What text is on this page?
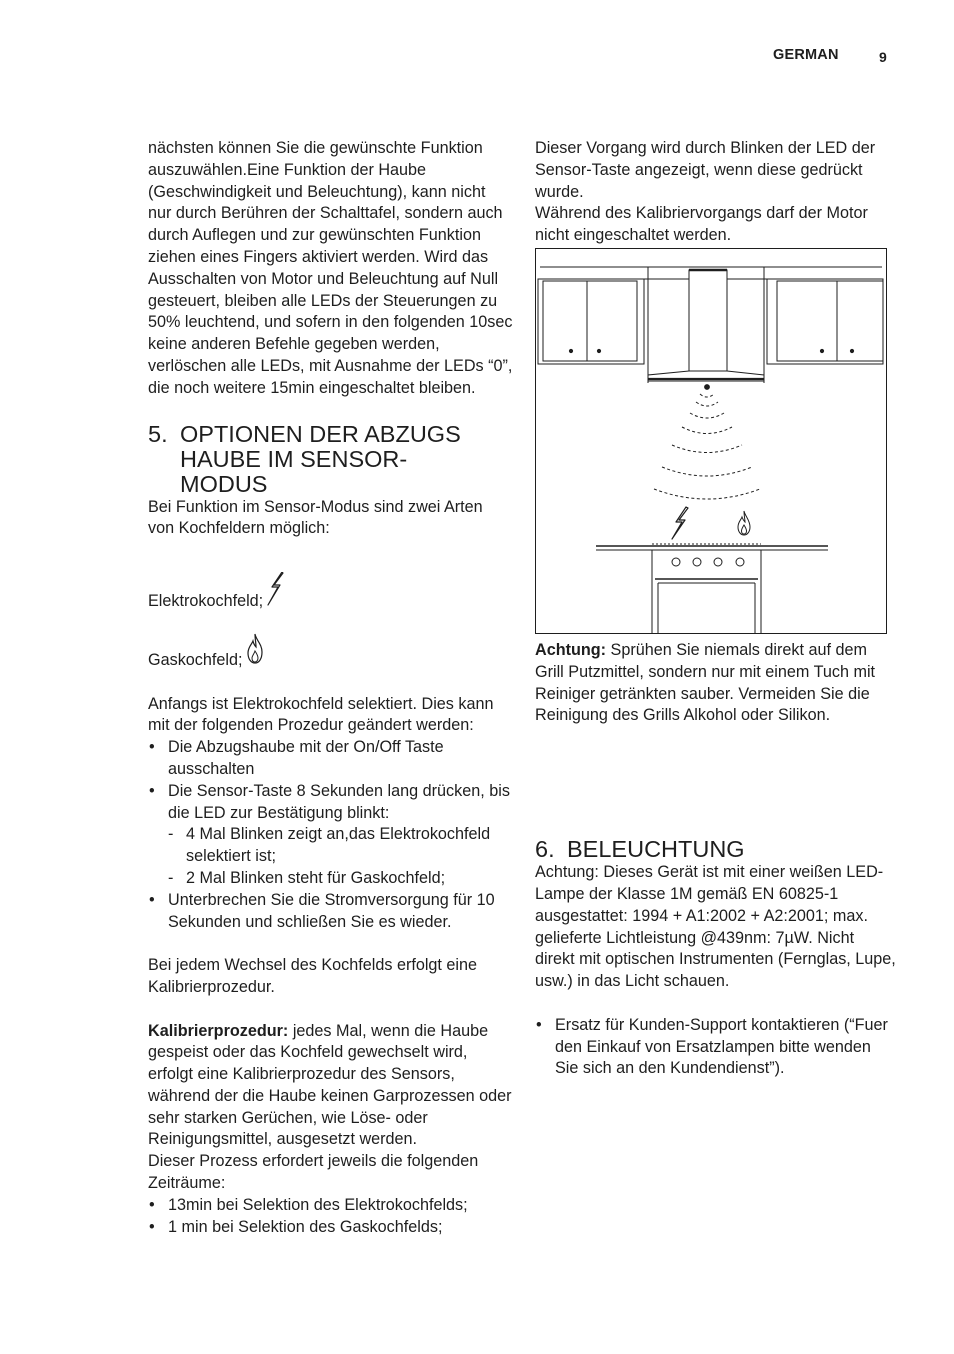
GERMAN	9

nächsten können Sie die gewünschte Funktion auszuwählen.Eine Funktion der Haube (Geschwindigkeit und Beleuchtung), kann nicht nur durch Berühren der Schalttafel, sondern auch durch Auflegen und zur gewünschten Funktion ziehen eines Fingers aktiviert werden. Wird das Ausschalten von Motor und Beleuchtung auf Null gesteuert, bleiben alle LEDs der Steuerungen zu 50% leuchtend, und sofern in den folgenden 10sec keine anderen Befehle gegeben werden, verlöschen alle LEDs, mit Ausnahme der LEDs “0”, die noch weitere 15min eingeschaltet bleiben.

5. OPTIONEN DER ABZUGS HAUBE IM SENSOR-MODUS

Bei Funktion im Sensor-Modus sind zwei Arten von Kochfeldern möglich:

Elektrokochfeld;
Gaskochfeld;

Anfangs ist Elektrokochfeld selektiert. Dies kann mit der folgenden Prozedur geändert werden:

• Die Abzugshaube mit der On/Off Taste ausschalten
• Die Sensor-Taste 8 Sekunden lang drücken, bis die LED zur Bestätigung blinkt:
- 4 Mal Blinken zeigt an,das Elektrokochfeld selektiert ist;
- 2 Mal Blinken steht für Gaskochfeld;
• Unterbrechen Sie die Stromversorgung für 10 Sekunden und schließen Sie es wieder.

Bei jedem Wechsel des Kochfelds erfolgt eine Kalibrierprozedur.

Kalibrierprozedur: jedes Mal, wenn die Haube gespeist oder das Kochfeld gewechselt wird, erfolgt eine Kalibrierprozedur des Sensors, während der die Haube keinen Garprozessen oder sehr starken Gerüchen, wie Löse- oder Reinigungsmittel, ausgesetzt werden.

Dieser Prozess erfordert jeweils die folgenden Zeiträume:

• 13min bei Selektion des Elektrokochfelds;
• 1 min bei Selektion des Gaskochfelds;

Dieser Vorgang wird durch Blinken der LED der Sensor-Taste angezeigt, wenn diese gedrückt wurde.

Während des Kalibriervorgangs darf der Motor nicht eingeschaltet werden.

Achtung: Sprühen Sie niemals direkt auf dem Grill Putzmittel, sondern nur mit einem Tuch mit Reiniger getränkten sauber. Vermeiden Sie die Reinigung des Grills Alkohol oder Silikon.

6. BELEUCHTUNG

Achtung: Dieses Gerät ist mit einer weißen LED-Lampe der Klasse 1M gemäß EN 60825-1 ausgestattet: 1994 + A1:2002 + A2:2001; max. gelieferte Lichtleistung @439nm: 7µW. Nicht direkt mit optischen Instrumenten (Fernglas, Lupe, usw.) in das Licht schauen.

• Ersatz für Kunden-Support kontaktieren (“Fuer den Einkauf von Ersatzlampen bitte wenden Sie sich an den Kundendienst”).
